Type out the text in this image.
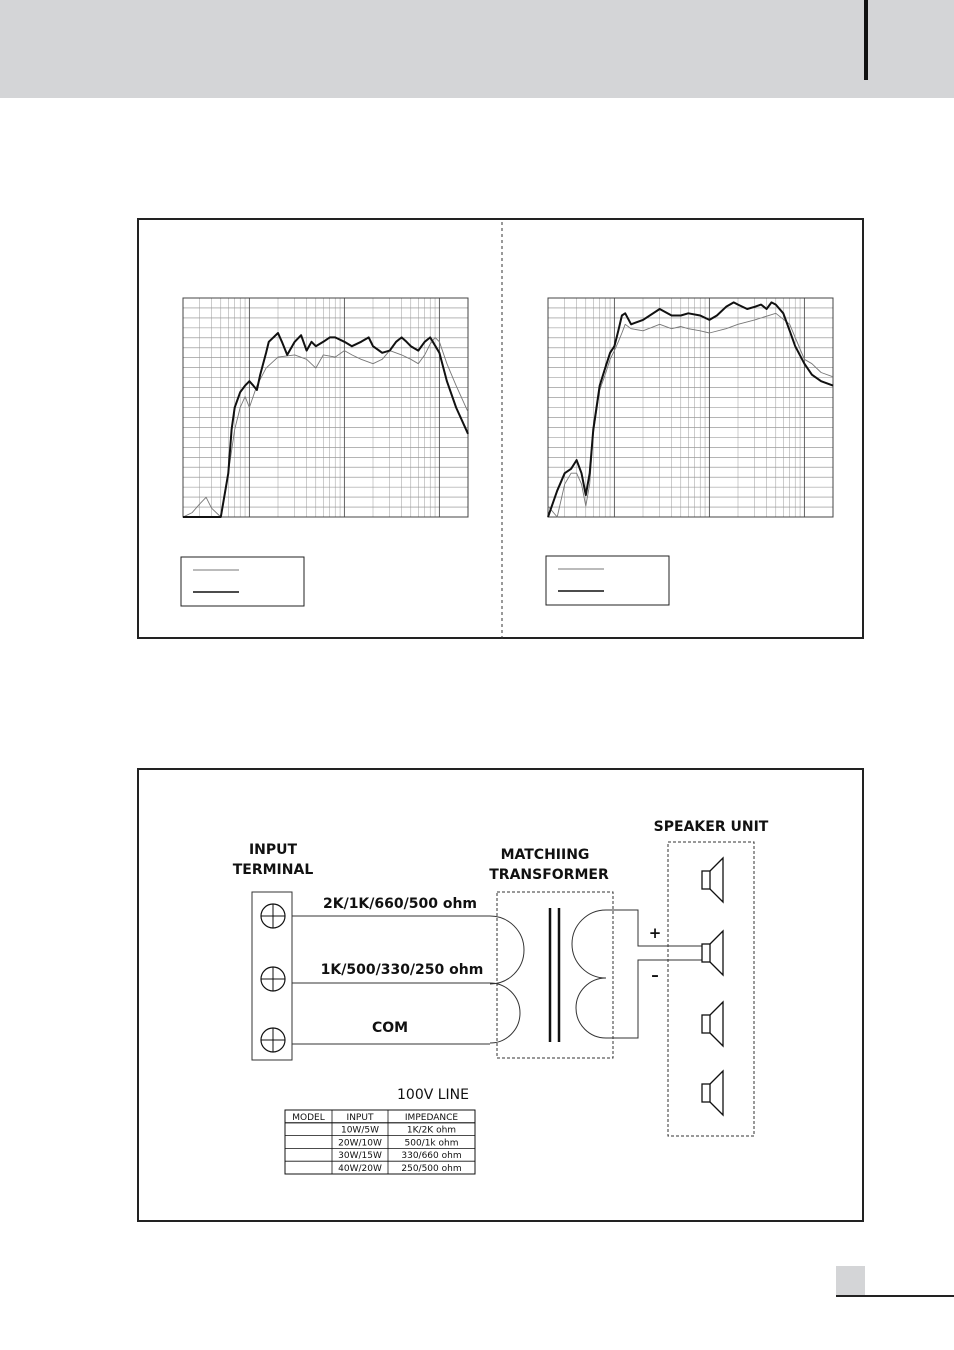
INPUT
TERMINAL
2K/1K/660/500 ohm
1K/500/330/250 ohm
COM
MATCHIING
TRANSFORMER
+
–
SPEAKER UNIT
100V LINE
MODEL INPUT	IMPEDANCE
10W/5W	1K/2K ohm
20W/10W	500/1k ohm
30W/15W 330/660 ohm
40W/20W 250/500 ohm
